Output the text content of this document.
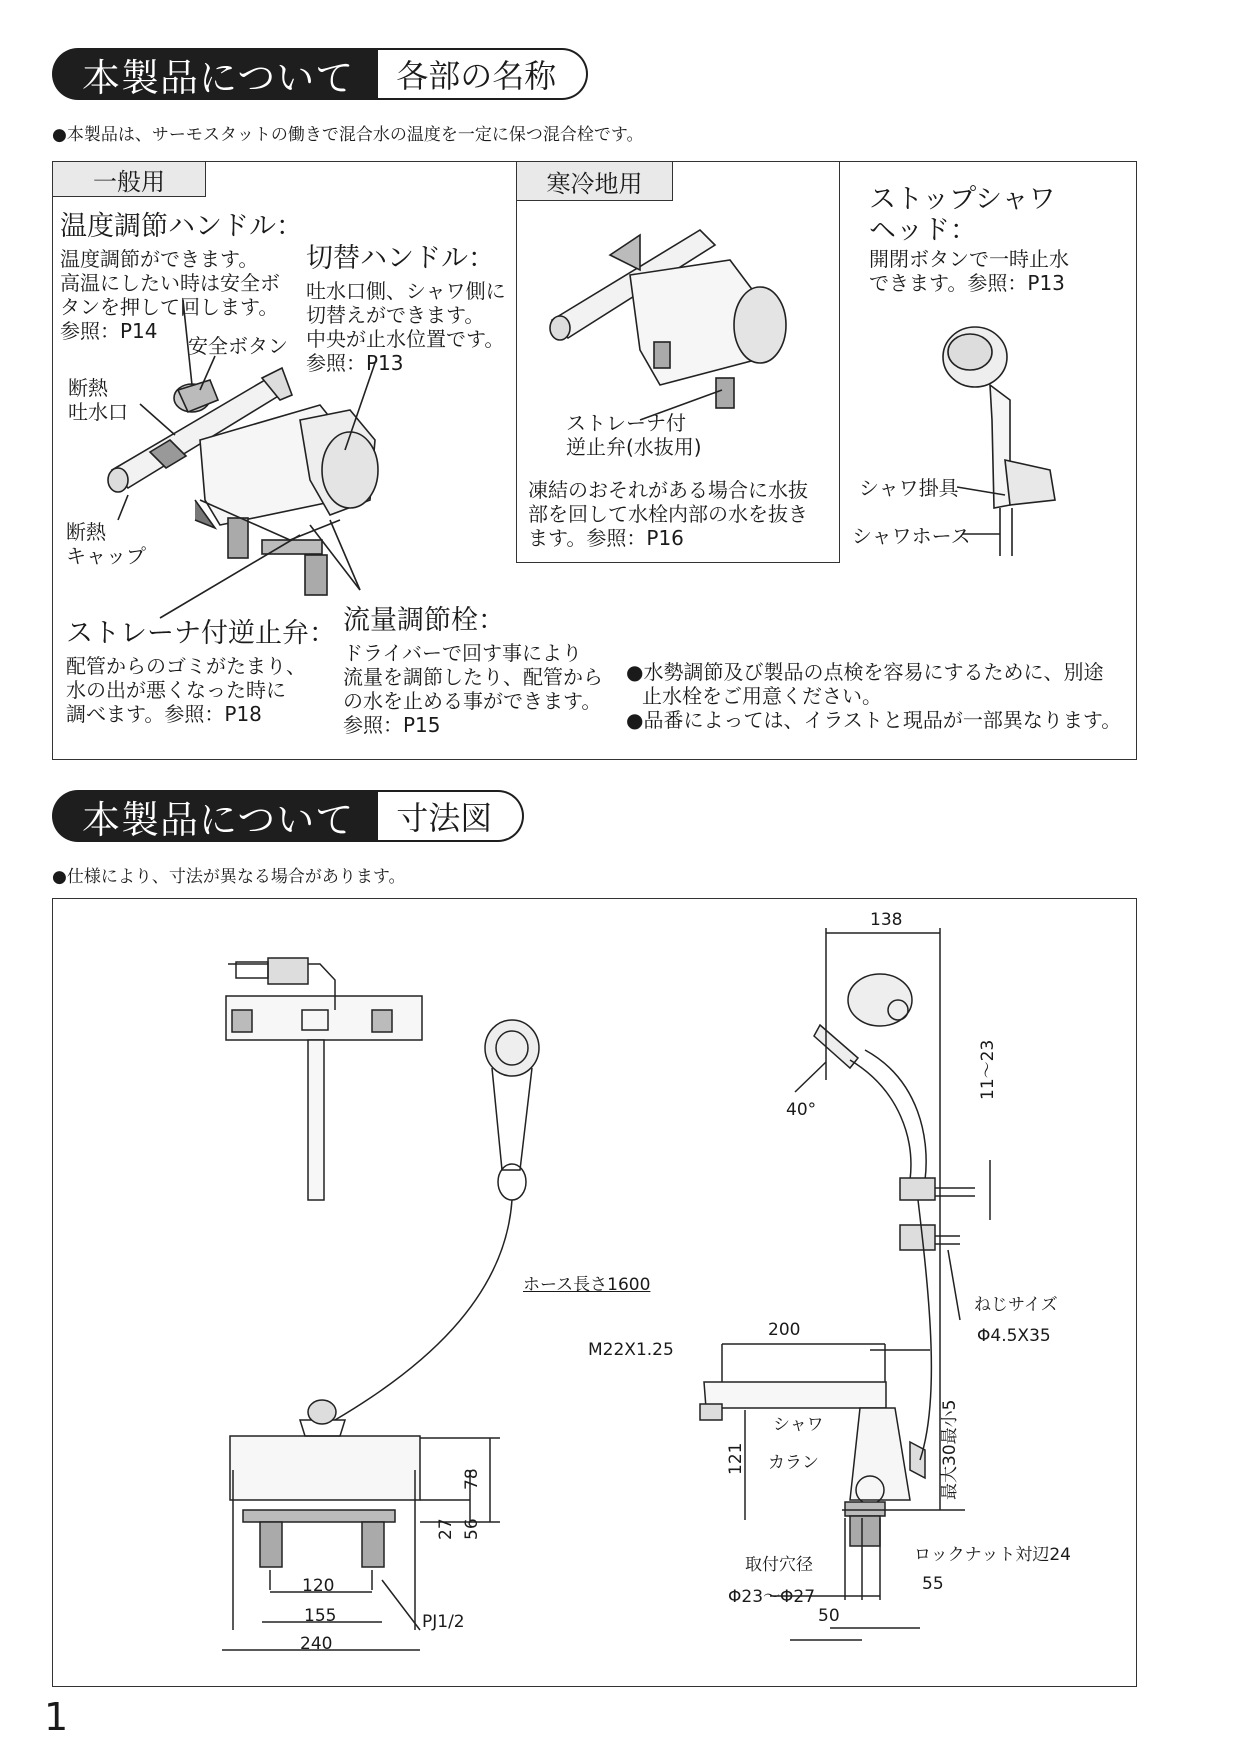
本製品について	各部の名称
●本製品は、サーモスタットの働きで混合水の温度を一定に保つ混合栓です。
一般用	寒冷地用
温度調節ハンドル：
温度調節ができます。
高温にしたい時は安全ボ
タンを押して回します。
参照：P14
安全ボタン
切替ハンドル：
吐水口側、シャワ側に
切替えができます。
中央が止水位置です。
参照：P13
断熱
吐水口
断熱
キャップ
ストレーナ付逆止弁：
配管からのゴミがたまり、
水の出が悪くなった時に
調べます。参照：P18
流量調節栓：
ドライバーで回す事により
流量を調節したり、配管から
の水を止める事ができます。
参照：P15
ストレーナ付
逆止弁(水抜用)
凍結のおそれがある場合に水抜
部を回して水栓内部の水を抜き
ます。参照：P16
ストップシャワ
ヘッド：
開閉ボタンで一時止水
できます。参照：P13
シャワ掛具
シャワホース
●水勢調節及び製品の点検を容易にするために、別途
止水栓をご用意ください。
●品番によっては、イラストと現品が一部異なります。
本製品について	寸法図
●仕様により、寸法が異なる場合があります。
ホース長さ1600
138
40°
11～23
ねじサイズ
Φ4.5X35
M22X1.25
200
シャワ
カラン
121	最大30最小5
ロックナット対辺24
取付穴径
Φ23～Φ27
55
50
78
27 56
120
155
240
PJ1/2
1
